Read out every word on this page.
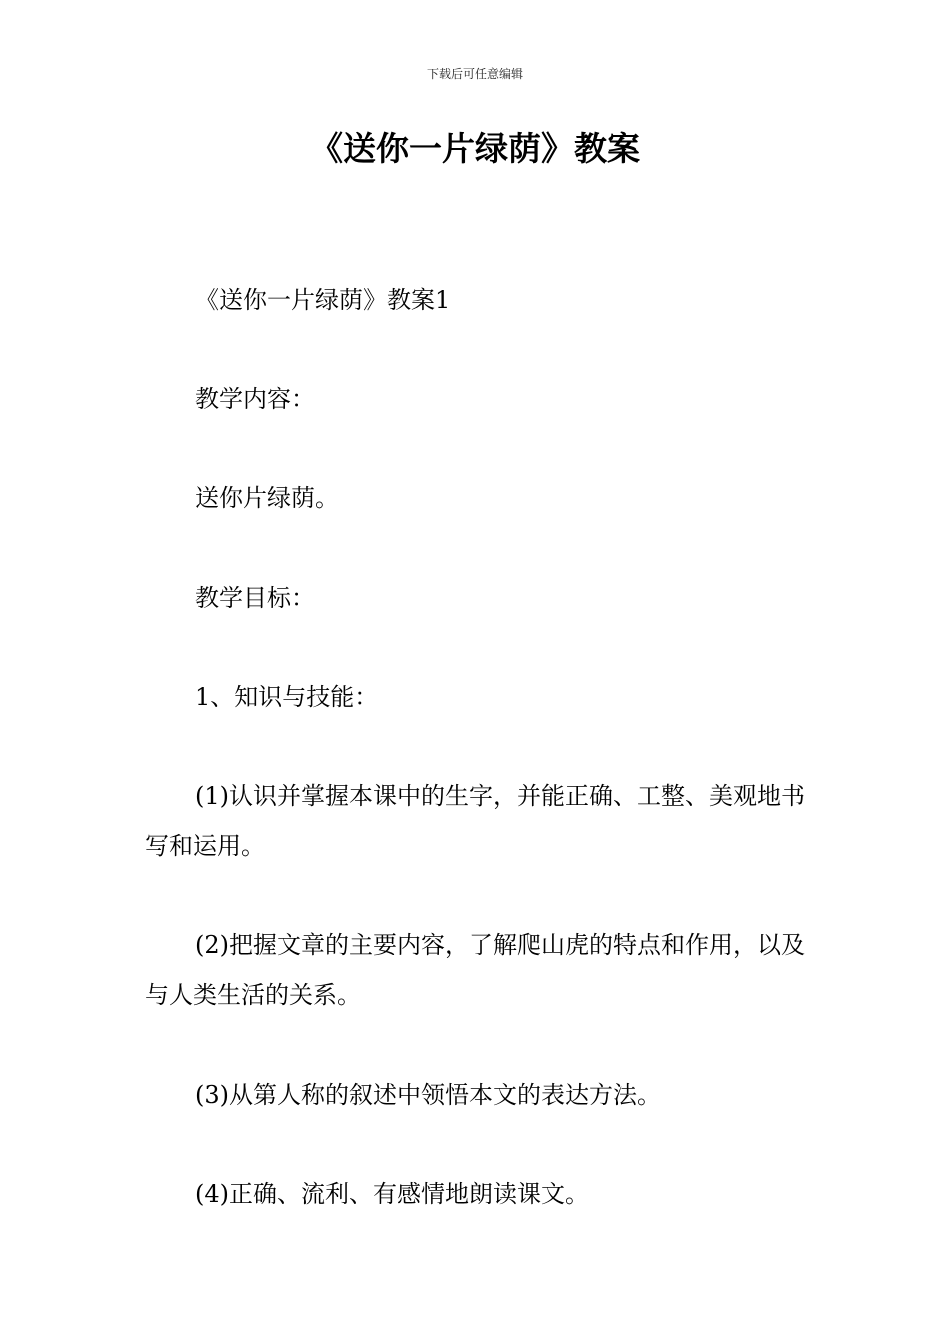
下载后可任意编辑
《送你一片绿荫》教案

《送你一片绿荫》教案1

教学内容：

送你片绿荫。

教学目标：

1、知识与技能：

(1)认识并掌握本课中的生字，并能正确、工整、美观地书写和运用。

(2)把握文章的主要内容，了解爬山虎的特点和作用，以及与人类生活的关系。

(3)从第人称的叙述中领悟本文的表达方法。

(4)正确、流利、有感情地朗读课文。
